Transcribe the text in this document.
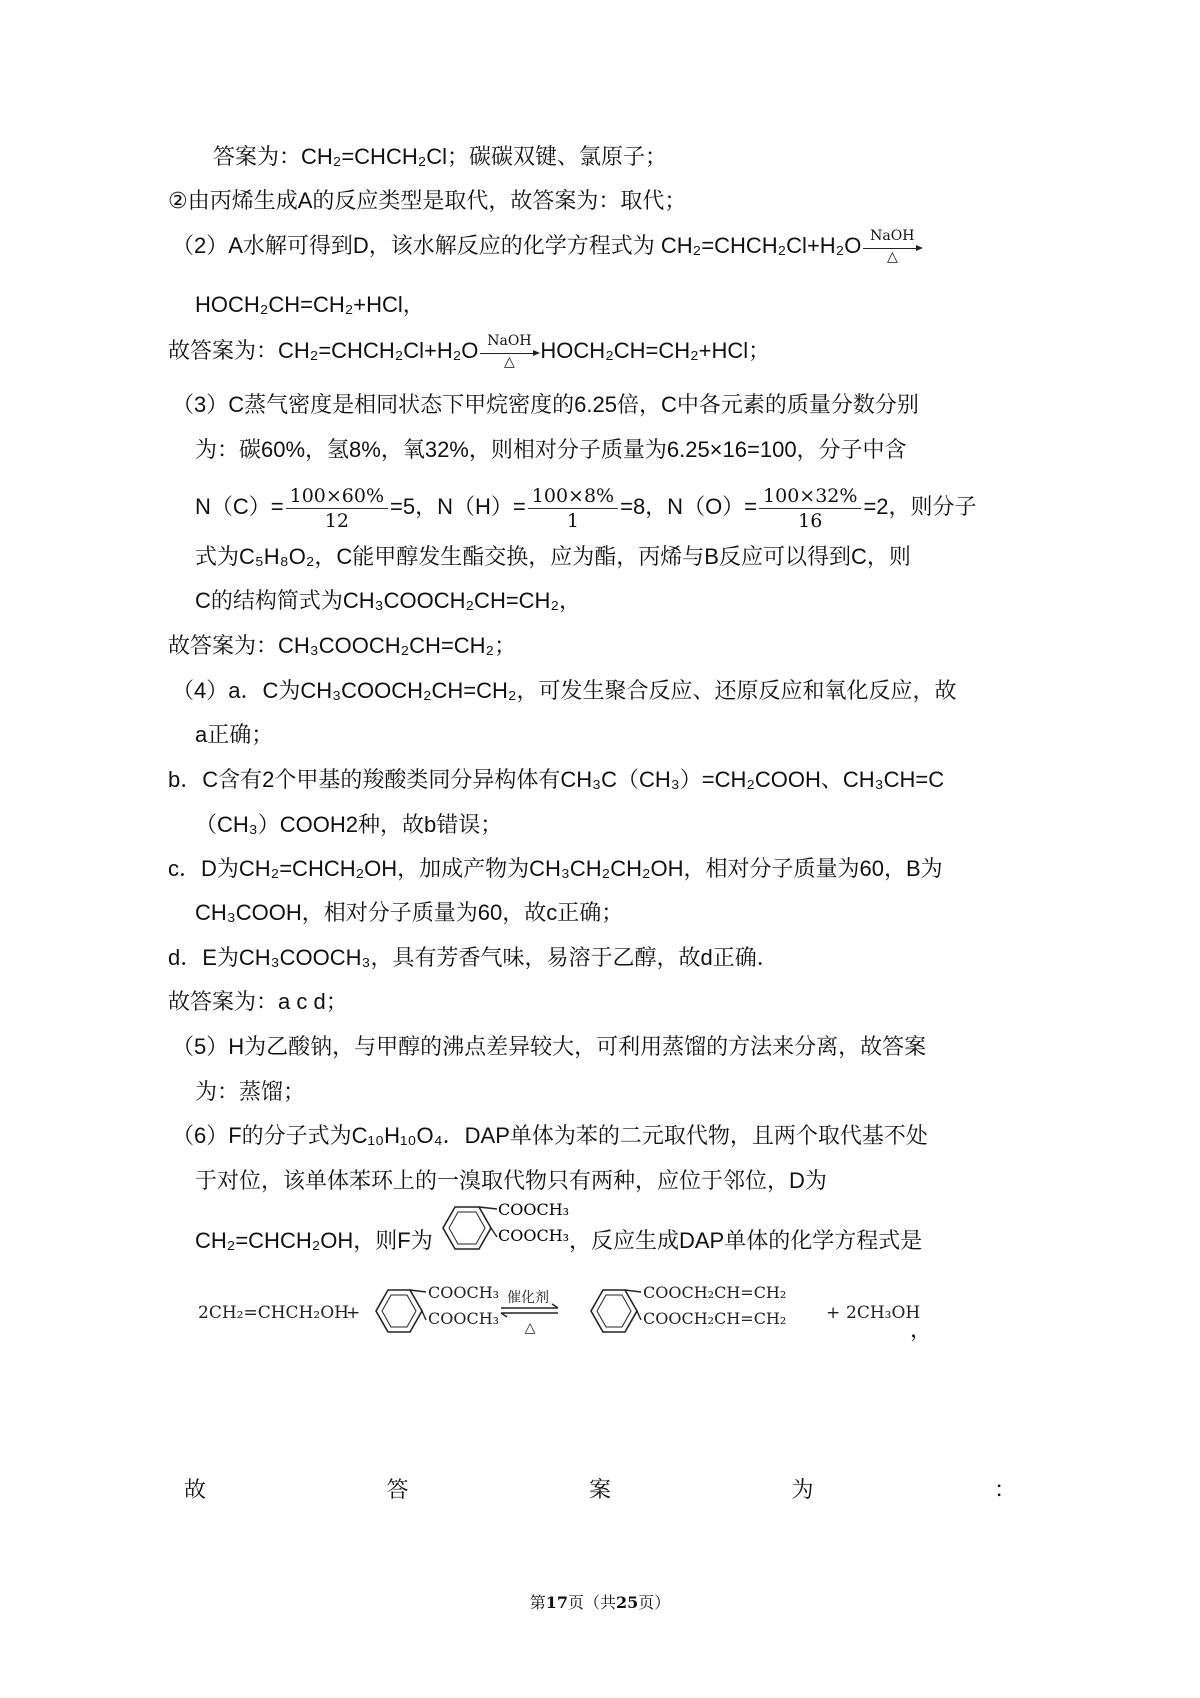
答案为：CH₂=CHCH₂Cl；碳碳双键、氯原子；
②由丙烯生成A的反应类型是取代，故答案为：取代；
（2）A水解可得到D，该水解反应的化学方程式为 CH₂=CHCH₂Cl+H₂O NaOH
△
HOCH₂CH=CH₂+HCl，
故答案为：CH₂=CHCH₂Cl+H₂O NaOH
△	HOCH₂CH=CH₂+HCl；
（3）C蒸气密度是相同状态下甲烷密度的6.25倍，C中各元素的质量分数分别
为：碳60%，氢8%，氧32%，则相对分子质量为6.25×16=100，分子中含
$N(C)= \frac{100\times 60\%}{12} =5$，$N(H)= \frac{100\times 8\%}{1} =8$，$N(O)= \frac{100\times 32\%}{16} =2$，则分子
式为C₅H₈O₂，C能甲醇发生酯交换，应为酯，丙烯与B反应可以得到C，则
C的结构简式为CH₃COOCH₂CH=CH₂，
故答案为：CH₃COOCH₂CH=CH₂；
（4）a．C为CH₃COOCH₂CH=CH₂，可发生聚合反应、还原反应和氧化反应，故
a正确；
b．C含有2个甲基的羧酸类同分异构体有CH₃C（CH₃）=CH₂COOH、CH₃CH=C
（CH₃）COOH2种，故b错误；
c．D为CH₂=CHCH₂OH，加成产物为CH₃CH₂CH₂OH，相对分子质量为60，B为
CH₃COOH，相对分子质量为60，故c正确；
d．E为CH₃COOCH₃，具有芳香气味，易溶于乙醇，故d正确．
故答案为：a c d；
（5）H为乙酸钠，与甲醇的沸点差异较大，可利用蒸馏的方法来分离，故答案
为：蒸馏；
（6）F的分子式为C₁₀H₁₀O₄．DAP单体为苯的二元取代物，且两个取代基不处
于对位，该单体苯环上的一溴取代物只有两种，应位于邻位，D为
CH₂=CHCH₂OH，则F为
COOCH₃
COOCH₃ ，反应生成DAP单体的化学方程式是
2CH₂=CHCH₂OH
+
COOCH₃
COOCH₃
催化剂
△
COOCH₂CH=CH₂
COOCH₂CH=CH₂ + 2CH₃OH
，
故	答	案	为	：
第17页（共25页）
